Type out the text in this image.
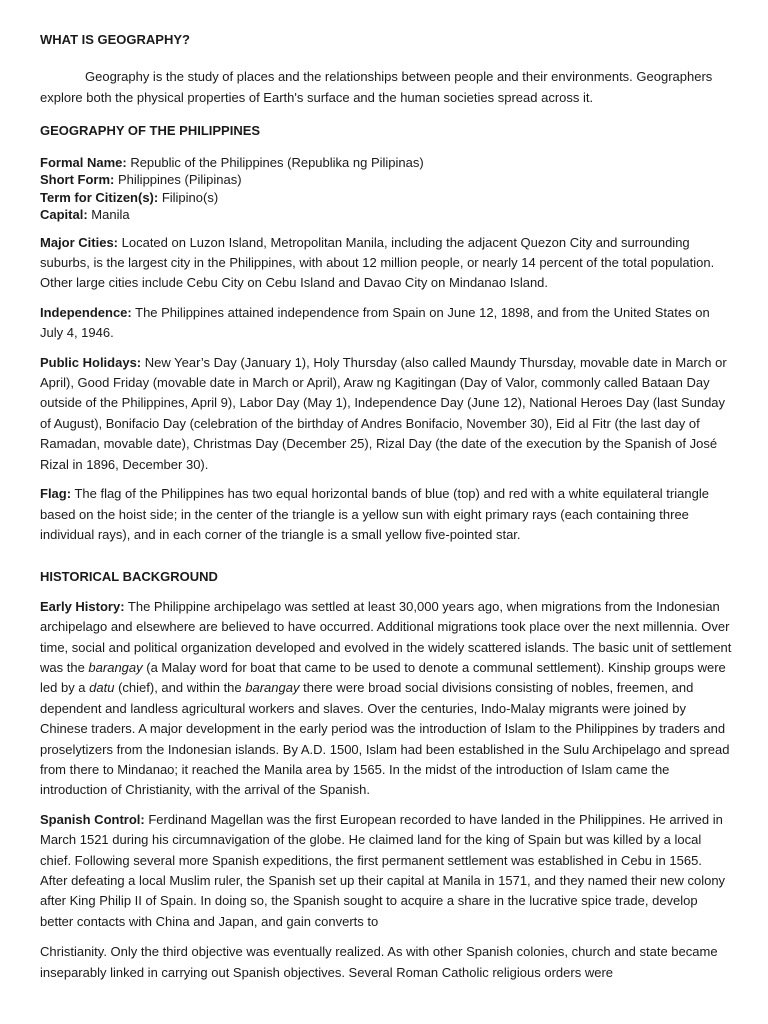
WHAT IS GEOGRAPHY?

Geography is the study of places and the relationships between people and their environments. Geographers explore both the physical properties of Earth's surface and the human societies spread across it.

GEOGRAPHY OF THE PHILIPPINES

Formal Name: Republic of the Philippines (Republika ng Pilipinas)

Short Form: Philippines (Pilipinas)

Term for Citizen(s): Filipino(s)

Capital: Manila

Major Cities: Located on Luzon Island, Metropolitan Manila, including the adjacent Quezon City and surrounding suburbs, is the largest city in the Philippines, with about 12 million people, or nearly 14 percent of the total population. Other large cities include Cebu City on Cebu Island and Davao City on Mindanao Island.

Independence: The Philippines attained independence from Spain on June 12, 1898, and from the United States on July 4, 1946.

Public Holidays: New Year’s Day (January 1), Holy Thursday (also called Maundy Thursday, movable date in March or April), Good Friday (movable date in March or April), Araw ng Kagitingan (Day of Valor, commonly called Bataan Day outside of the Philippines, April 9), Labor Day (May 1), Independence Day (June 12), National Heroes Day (last Sunday of August), Bonifacio Day (celebration of the birthday of Andres Bonifacio, November 30), Eid al Fitr (the last day of Ramadan, movable date), Christmas Day (December 25), Rizal Day (the date of the execution by the Spanish of José Rizal in 1896, December 30).

Flag: The flag of the Philippines has two equal horizontal bands of blue (top) and red with a white equilateral triangle based on the hoist side; in the center of the triangle is a yellow sun with eight primary rays (each containing three individual rays), and in each corner of the triangle is a small yellow five-pointed star.

HISTORICAL BACKGROUND

Early History: The Philippine archipelago was settled at least 30,000 years ago, when migrations from the Indonesian archipelago and elsewhere are believed to have occurred. Additional migrations took place over the next millennia. Over time, social and political organization developed and evolved in the widely scattered islands. The basic unit of settlement was the barangay (a Malay word for boat that came to be used to denote a communal settlement). Kinship groups were led by a datu (chief), and within the barangay there were broad social divisions consisting of nobles, freemen, and dependent and landless agricultural workers and slaves. Over the centuries, Indo-Malay migrants were joined by Chinese traders. A major development in the early period was the introduction of Islam to the Philippines by traders and proselytizers from the Indonesian islands. By A.D. 1500, Islam had been established in the Sulu Archipelago and spread from there to Mindanao; it reached the Manila area by 1565. In the midst of the introduction of Islam came the introduction of Christianity, with the arrival of the Spanish.

Spanish Control: Ferdinand Magellan was the first European recorded to have landed in the Philippines. He arrived in March 1521 during his circumnavigation of the globe. He claimed land for the king of Spain but was killed by a local chief. Following several more Spanish expeditions, the first permanent settlement was established in Cebu in 1565. After defeating a local Muslim ruler, the Spanish set up their capital at Manila in 1571, and they named their new colony after King Philip II of Spain. In doing so, the Spanish sought to acquire a share in the lucrative spice trade, develop better contacts with China and Japan, and gain converts to

Christianity. Only the third objective was eventually realized. As with other Spanish colonies, church and state became inseparably linked in carrying out Spanish objectives. Several Roman Catholic religious orders were
